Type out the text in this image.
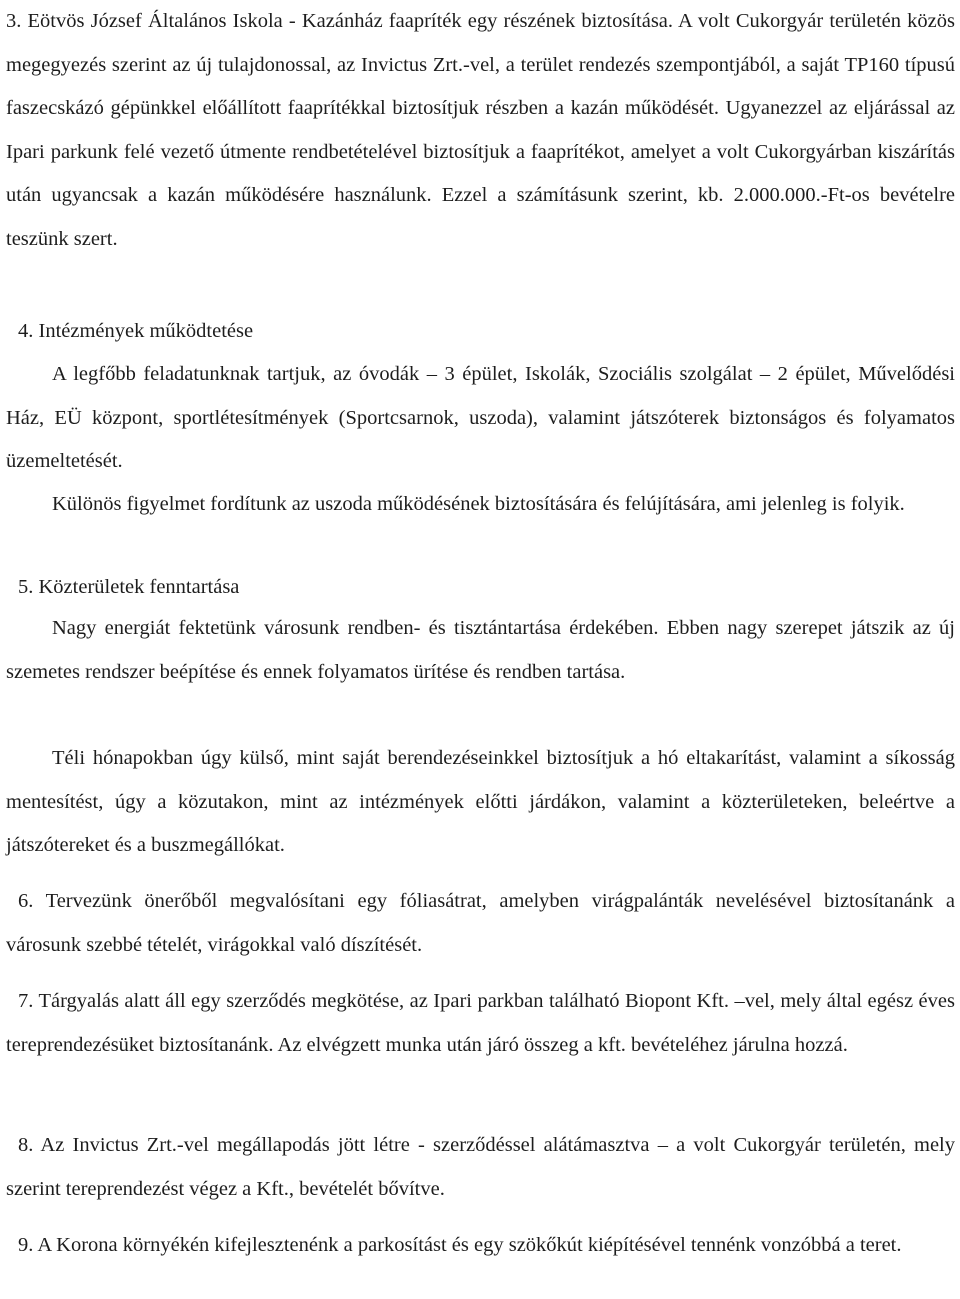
3. Eötvös József Általános Iskola - Kazánház faapríték egy részének biztosítása. A volt Cukorgyár területén közös megegyezés szerint az új tulajdonossal, az Invictus Zrt.-vel, a terület rendezés szempontjából, a saját TP160 típusú faszecskázó gépünkkel előállított faaprítékkal biztosítjuk részben a kazán működését. Ugyanezzel az eljárással az Ipari parkunk felé vezető útmente rendbetételével biztosítjuk a faaprítékot, amelyet a volt Cukorgyárban kiszárítás után ugyancsak a kazán működésére használunk. Ezzel a számításunk szerint, kb. 2.000.000.-Ft-os bevételre teszünk szert.

4. Intézmények működtetése

A legfőbb feladatunknak tartjuk, az óvodák – 3 épület, Iskolák, Szociális szolgálat – 2 épület, Művelődési Ház, EÜ központ, sportlétesítmények (Sportcsarnok, uszoda), valamint játszóterek biztonságos és folyamatos üzemeltetését.

Különös figyelmet fordítunk az uszoda működésének biztosítására és felújítására, ami jelenleg is folyik.

5. Közterületek fenntartása

Nagy energiát fektetünk városunk rendben- és tisztántartása érdekében. Ebben nagy szerepet játszik az új szemetes rendszer beépítése és ennek folyamatos ürítése és rendben tartása.

Téli hónapokban úgy külső, mint saját berendezéseinkkel biztosítjuk a hó eltakarítást, valamint a síkosság mentesítést, úgy a közutakon, mint az intézmények előtti járdákon, valamint a közterületeken, beleértve a játszótereket és a buszmegállókat.

6. Tervezünk önerőből megvalósítani egy fóliasátrat, amelyben virágpalánták nevelésével biztosítanánk a városunk szebbé tételét, virágokkal való díszítését.

7. Tárgyalás alatt áll egy szerződés megkötése, az Ipari parkban található Biopont Kft. –vel, mely által egész éves tereprendezésüket biztosítanánk. Az elvégzett munka után járó összeg a kft. bevételéhez járulna hozzá.

8. Az Invictus Zrt.-vel megállapodás jött létre - szerződéssel alátámasztva – a volt Cukorgyár területén, mely szerint tereprendezést végez a Kft., bevételét bővítve.

9. A Korona környékén kifejlesztenénk a parkosítást és egy szökőkút kiépítésével tennénk vonzóbbá a teret.
